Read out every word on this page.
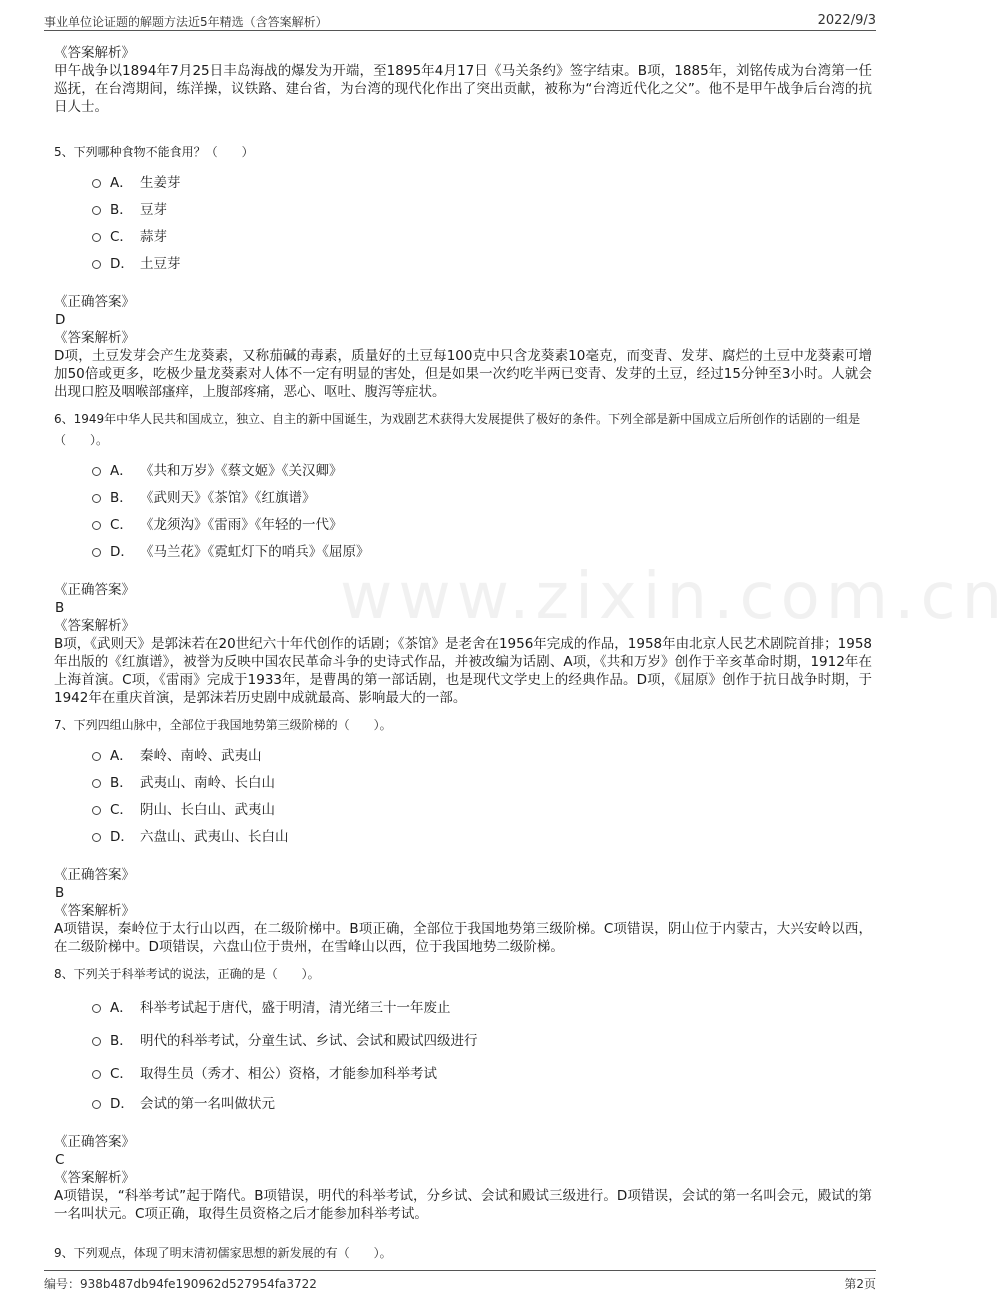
事业单位论证题的解题方法近5年精选（含答案解析）	2022/9/3
www.zixin.com.cn
《答案解析》

甲午战争以1894年7月25日丰岛海战的爆发为开端，至1895年4月17日《马关条约》签字结束。B项，1885年，刘铭传成为台湾第一任巡抚，在台湾期间，练洋操，议铁路、建台省，为台湾的现代化作出了突出贡献，被称为“台湾近代化之父”。他不是甲午战争后台湾的抗日人士。

5、下列哪种食物不能食用？（　　）
A． 生姜芽
B． 豆芽
C． 蒜芽
D． 土豆芽
《正确答案》
D
《答案解析》

D项，土豆发芽会产生龙葵素，又称茄碱的毒素，质量好的土豆每100克中只含龙葵素10毫克，而变青、发芽、腐烂的土豆中龙葵素可增加50倍或更多，吃极少量龙葵素对人体不一定有明显的害处，但是如果一次约吃半两已变青、发芽的土豆，经过15分钟至3小时。人就会出现口腔及咽喉部瘙痒，上腹部疼痛，恶心、呕吐、腹泻等症状。

6、1949年中华人民共和国成立，独立、自主的新中国诞生，为戏剧艺术获得大发展提供了极好的条件。下列全部是新中国成立后所创作的话剧的一组是（　　）。
A． 《共和万岁》《蔡文姬》《关汉卿》
B． 《武则天》《茶馆》《红旗谱》
C． 《龙须沟》《雷雨》《年轻的一代》
D． 《马兰花》《霓虹灯下的哨兵》《屈原》
《正确答案》
B
《答案解析》

B项，《武则天》是郭沫若在20世纪六十年代创作的话剧；《茶馆》是老舍在1956年完成的作品，1958年由北京人民艺术剧院首排；1958年出版的《红旗谱》，被誉为反映中国农民革命斗争的史诗式作品，并被改编为话剧、A项，《共和万岁》创作于辛亥革命时期，1912年在上海首演。C项，《雷雨》完成于1933年，是曹禺的第一部话剧，也是现代文学史上的经典作品。D项，《屈原》创作于抗日战争时期，于1942年在重庆首演，是郭沫若历史剧中成就最高、影响最大的一部。

7、下列四组山脉中，全部位于我国地势第三级阶梯的（　　）。
A． 秦岭、南岭、武夷山
B． 武夷山、南岭、长白山
C． 阴山、长白山、武夷山
D． 六盘山、武夷山、长白山
《正确答案》
B
《答案解析》

A项错误，秦岭位于太行山以西，在二级阶梯中。B项正确，全部位于我国地势第三级阶梯。C项错误，阴山位于内蒙古，大兴安岭以西，在二级阶梯中。D项错误，六盘山位于贵州，在雪峰山以西，位于我国地势二级阶梯。

8、下列关于科举考试的说法，正确的是（　　）。
A． 科举考试起于唐代，盛于明清，清光绪三十一年废止
B． 明代的科举考试，分童生试、乡试、会试和殿试四级进行
C． 取得生员（秀才、相公）资格，才能参加科举考试
D． 会试的第一名叫做状元
《正确答案》
C
《答案解析》

A项错误，“科举考试”起于隋代。B项错误，明代的科举考试，分乡试、会试和殿试三级进行。D项错误，会试的第一名叫会元，殿试的第一名叫状元。C项正确，取得生员资格之后才能参加科举考试。

9、下列观点，体现了明末清初儒家思想的新发展的有（　　）。
编号：938b487db94fe190962d527954fa3722	第2页
